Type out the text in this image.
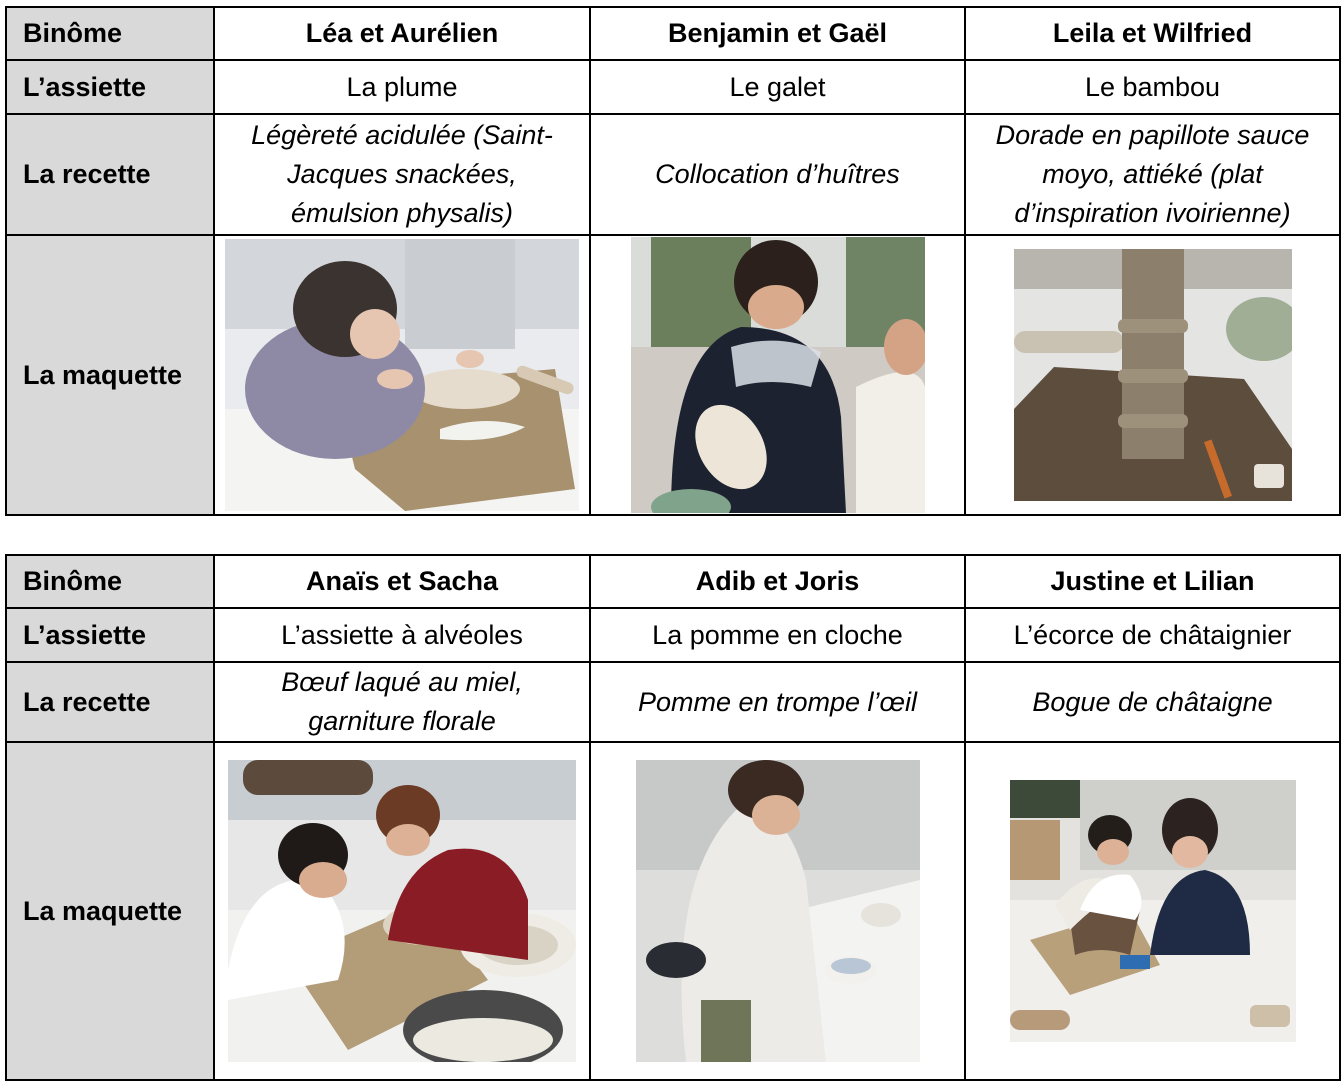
Binôme	Léa et Aurélien	Benjamin et Gaël	Leila et Wilfried
L’assiette	La plume	Le galet	Le bambou
La recette	Légèreté acidulée (Saint-Jacques snackées, émulsion physalis)	Collocation d’huîtres	Dorade en papillote sauce moyo, attiéké (plat d’inspiration ivoirienne)
La maquette	

Binôme	Anaïs et Sacha	Adib et Joris	Justine et Lilian
L’assiette	L’assiette à alvéoles	La pomme en cloche	L’écorce de châtaignier
La recette	Bœuf laqué au miel, garniture florale	Pomme en trompe l’œil	Bogue de châtaigne
La maquette	
